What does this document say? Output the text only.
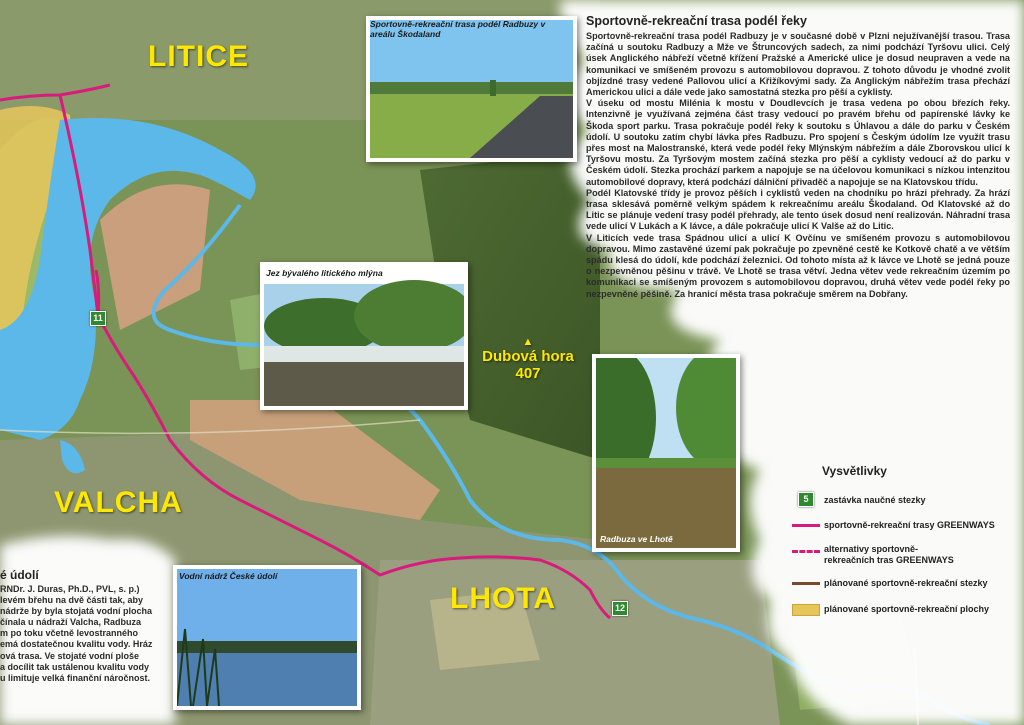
LITICE
VALCHA
LHOTA
▲
Dubová hora
407
11
12
Sportovně-rekreační trasa podél Radbuzy v areálu Škodaland
Jez bývalého litického mlýna
Radbuza ve Lhotě
Vodní nádrž České údolí
Sportovně-rekreační trasa podél řeky

Sportovně-rekreační trasa podél Radbuzy je v současné době v Plzni nejužívanější trasou. Trasa začíná u soutoku Radbuzy a Mže ve Štruncových sadech, za nimi podchází Tyršovu ulici. Celý úsek Anglického nábřeží včetně křížení Pražské a Americké ulice je dosud neupraven a vede na komunikaci ve smíšeném provozu s automobilovou dopravou. Z tohoto důvodu je vhodné zvolit objízdné trasy vedené Pallovou ulicí a Křižíkovými sady. Za Anglickým nábřežím trasa přechází Americkou ulici a dále vede jako samostatná stezka pro pěší a cyklisty.

V úseku od mostu Milénia k mostu v Doudlevcích je trasa vedena po obou březích řeky. Intenzivně je využívaná zejména část trasy vedoucí po pravém břehu od papírenské lávky ke Škoda sport parku. Trasa pokračuje podél řeky k soutoku s Úhlavou a dále do parku v Českém údolí. U soutoku zatím chybí lávka přes Radbuzu. Pro spojení s Českým údolím lze využít trasu přes most na Malostranské, která vede podél řeky Mlýnským nábřežím a dále Zborovskou ulicí k Tyršovu mostu. Za Tyršovým mostem začíná stezka pro pěší a cyklisty vedoucí až do parku v Českém údolí. Stezka prochází parkem a napojuje se na účelovou komunikaci s nízkou intenzitou automobilové dopravy, která podchází dálniční přivaděč a napojuje se na Klatovskou třídu.

Podél Klatovské třídy je provoz pěších i cyklistů veden na chodníku po hrázi přehrady. Za hrází trasa sklesává poměrně velkým spádem k rekreačnímu areálu Škodaland. Od Klatovské až do Litic se plánuje vedení trasy podél přehrady, ale tento úsek dosud není realizován. Náhradní trasa vede ulicí V Lukách a K lávce, a dále pokračuje ulicí K Valše až do Litic.

V Liticích vede trasa Spádnou ulicí a ulicí K Ovčínu ve smíšeném provozu s automobilovou dopravou. Mimo zastavěné území pak pokračuje po zpevněné cestě ke Kotkově chatě a ve větším spádu klesá do údolí, kde podchází železnici. Od tohoto místa až k lávce ve Lhotě se jedná pouze o nezpevněnou pěšinu v trávě. Ve Lhotě se trasa větví. Jedna větev vede rekreačním územím po komunikaci se smíšeným provozem s automobilovou dopravou, druhá větev vede podél řeky po nezpevněné pěšině. Za hranicí města trasa pokračuje směrem na Dobřany.

é údolí
RNDr. J. Duras, Ph.D., PVL, s. p.)
levém břehu na dvě části tak, aby
nádrže by byla stojatá vodní plocha
čínala u nádraží Valcha, Radbuza
m po toku včetně levostranného
emá dostatečnou kvalitu vody. Hráz
ová trasa. Ve stojaté vodní ploše
a docílit tak ustálenou kvalitu vody
u limituje velká finanční náročnost.
Vysvětlivky
5	zastávka naučné stezky
sportovně-rekreační trasy GREENWAYS
alternativy sportovně-rekreačních tras GREENWAYS
plánované sportovně-rekreační stezky
plánované sportovně-rekreační plochy
